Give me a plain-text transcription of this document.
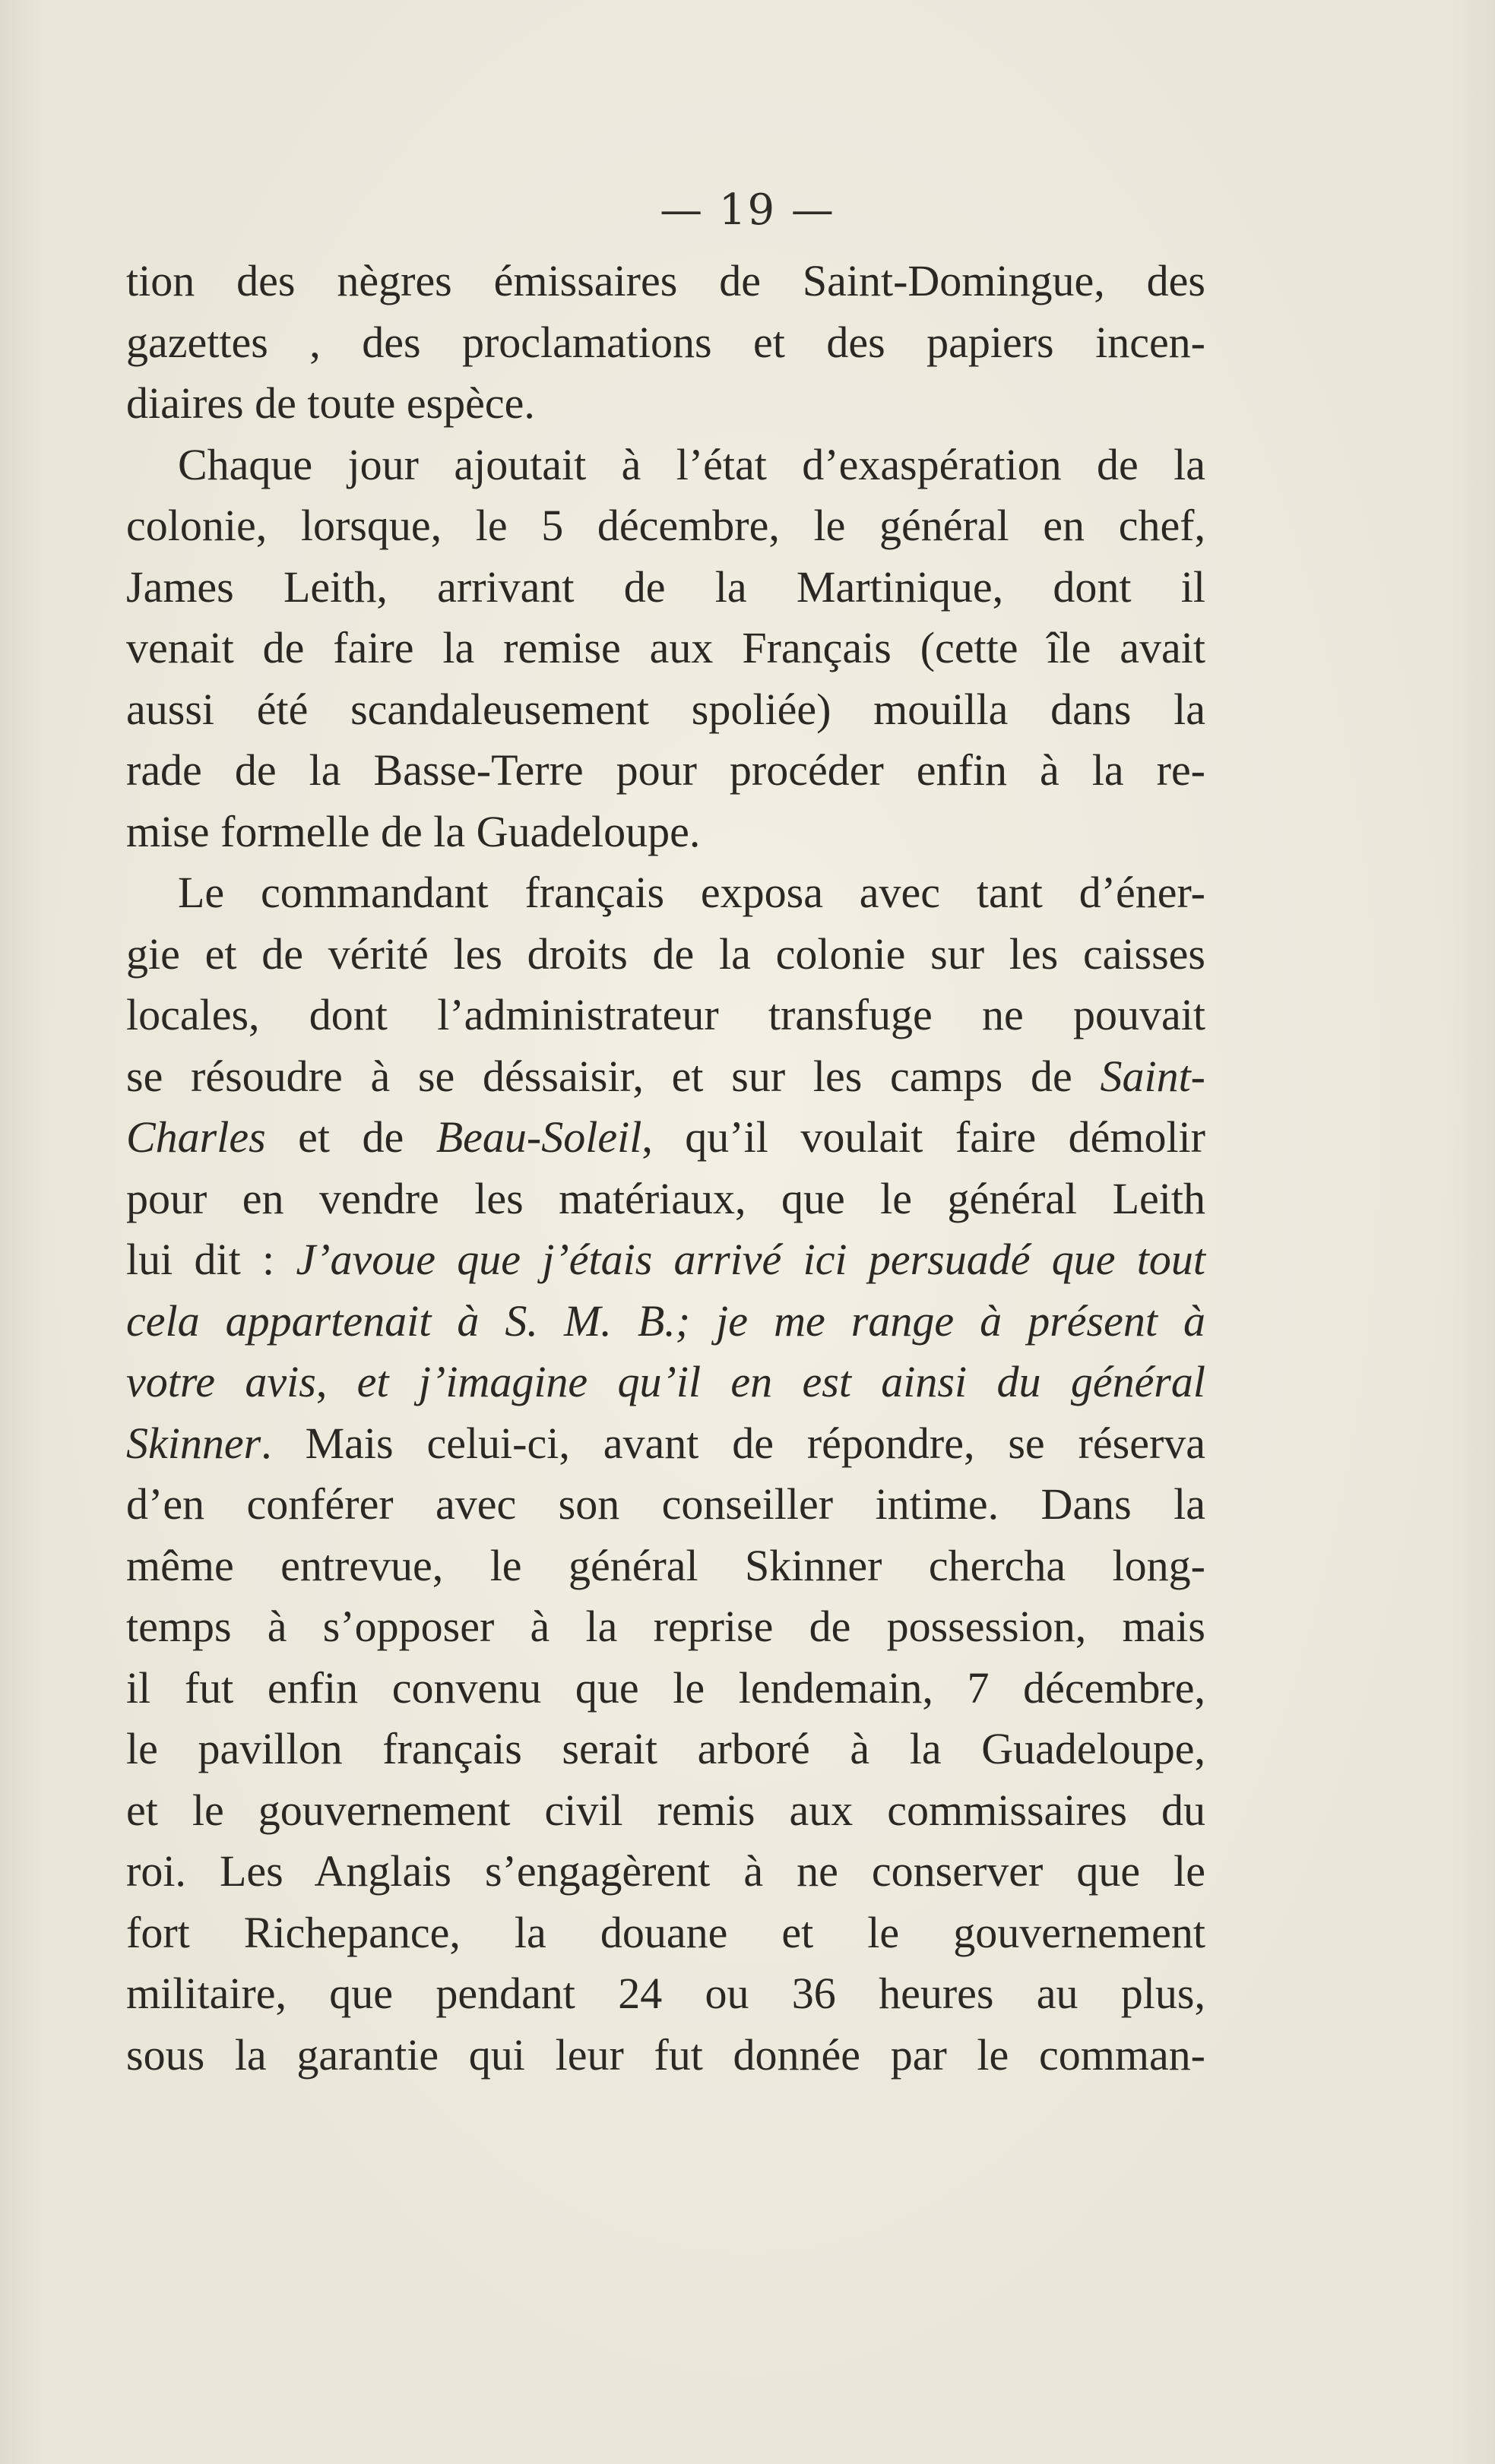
— 19 —
tion des nègres émissaires de Saint-Domingue, des
gazettes , des proclamations et des papiers incen-
diaires de toute espèce.
Chaque jour ajoutait à l’état d’exaspération de la
colonie, lorsque, le 5 décembre, le général en chef,
James Leith, arrivant de la Martinique, dont il
venait de faire la remise aux Français (cette île avait
aussi été scandaleusement spoliée) mouilla dans la
rade de la Basse-Terre pour procéder enfin à la re-
mise formelle de la Guadeloupe.
Le commandant français exposa avec tant d’éner-
gie et de vérité les droits de la colonie sur les caisses
locales, dont l’administrateur transfuge ne pouvait
se résoudre à se déssaisir, et sur les camps de Saint-
Charles et de Beau-Soleil, qu’il voulait faire démolir
pour en vendre les matériaux, que le général Leith
lui dit : J’avoue que j’étais arrivé ici persuadé que tout
cela appartenait à S. M. B.; je me range à présent à
votre avis, et j’imagine qu’il en est ainsi du général
Skinner. Mais celui-ci, avant de répondre, se réserva
d’en conférer avec son conseiller intime. Dans la
même entrevue, le général Skinner chercha long-
temps à s’opposer à la reprise de possession, mais
il fut enfin convenu que le lendemain, 7 décembre,
le pavillon français serait arboré à la Guadeloupe,
et le gouvernement civil remis aux commissaires du
roi. Les Anglais s’engagèrent à ne conserver que le
fort Richepance, la douane et le gouvernement
militaire, que pendant 24 ou 36 heures au plus,
sous la garantie qui leur fut donnée par le comman-
